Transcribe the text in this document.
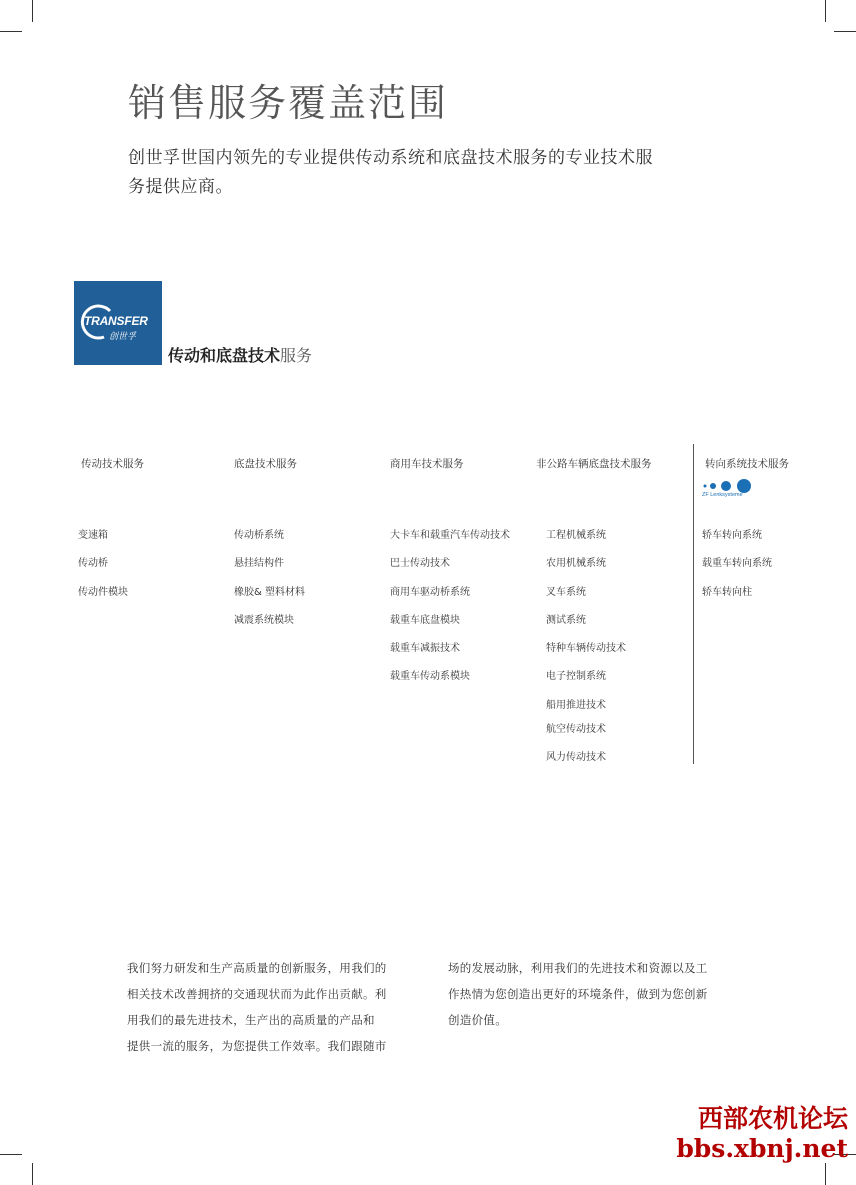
销售服务覆盖范围
创世孚世国内领先的专业提供传动系统和底盘技术服务的专业技术服务提供应商。
TRANSFER
创世孚
传动和底盘技术服务
传动技术服务
变速箱
传动桥
传动件模块
底盘技术服务
传动桥系统
悬挂结构件
橡胶& 塑料材料
减震系统模块
商用车技术服务
大卡车和载重汽车传动技术
巴士传动技术
商用车驱动桥系统
载重车底盘模块
载重车减振技术
载重车传动系模块
非公路车辆底盘技术服务
工程机械系统
农用机械系统
叉车系统
测试系统
特种车辆传动技术
电子控制系统
船用推进技术
航空传动技术
风力传动技术
转向系统技术服务
轿车转向系统
载重车转向系统
轿车转向柱
ZF Lenksysteme
我们努力研发和生产高质量的创新服务，用我们的
相关技术改善拥挤的交通现状而为此作出贡献。利
用我们的最先进技术，生产出的高质量的产品和
提供一流的服务，为您提供工作效率。我们跟随市
场的发展动脉，利用我们的先进技术和资源以及工
作热情为您创造出更好的环境条件，做到为您创新
创造价值。
西部农机论坛
bbs.xbnj.net
